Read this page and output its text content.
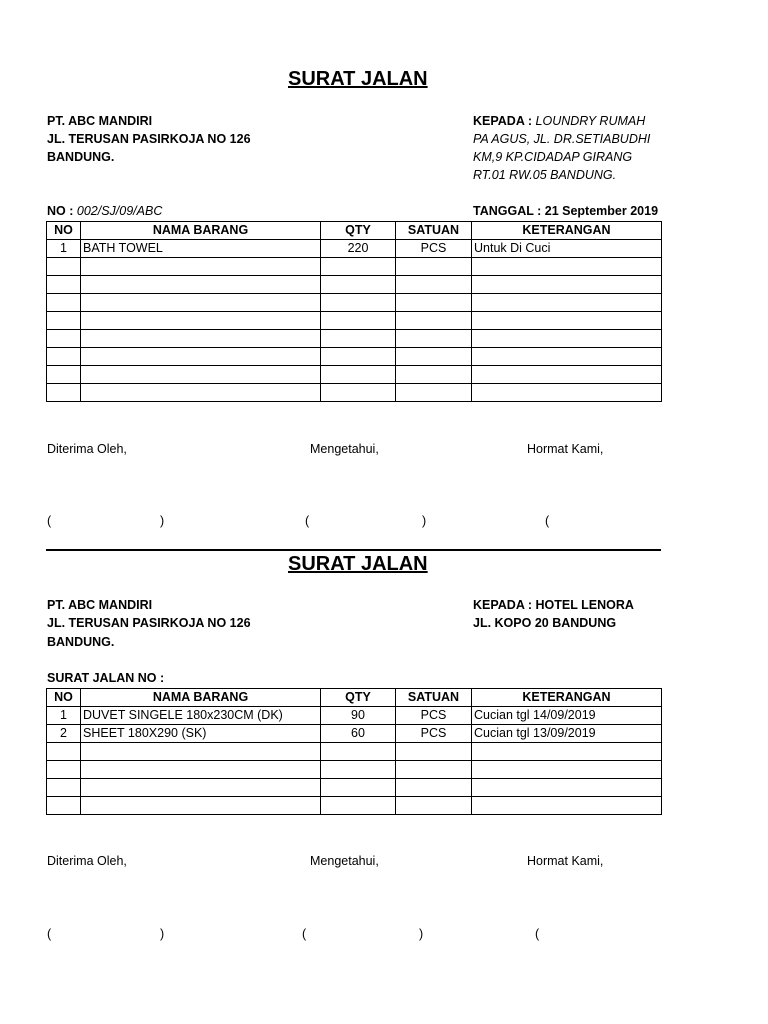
SURAT JALAN
PT. ABC MANDIRI
JL. TERUSAN PASIRKOJA NO 126
BANDUNG.
KEPADA : LOUNDRY RUMAH
PA AGUS, JL. DR.SETIABUDHI
KM,9 KP.CIDADAP GIRANG
RT.01 RW.05 BANDUNG.
NO : 002/SJ/09/ABC	TANGGAL : 21 September 2019
NO	NAMA BARANG	QTY	SATUAN	KETERANGAN
1	BATH TOWEL	220	PCS	Untuk Di Cuci

Diterima Oleh,	Mengetahui,	Hormat Kami,
(	)	(	)	(
SURAT JALAN
PT. ABC MANDIRI
JL. TERUSAN PASIRKOJA NO 126
BANDUNG.
KEPADA : HOTEL LENORA
JL. KOPO 20 BANDUNG
SURAT JALAN NO :
NO	NAMA BARANG	QTY	SATUAN	KETERANGAN
1	DUVET SINGELE 180x230CM (DK)	90	PCS	Cucian tgl 14/09/2019
2	SHEET 180X290 (SK)	60	PCS	Cucian tgl 13/09/2019

Diterima Oleh,	Mengetahui,	Hormat Kami,
(	)	(	)	(
